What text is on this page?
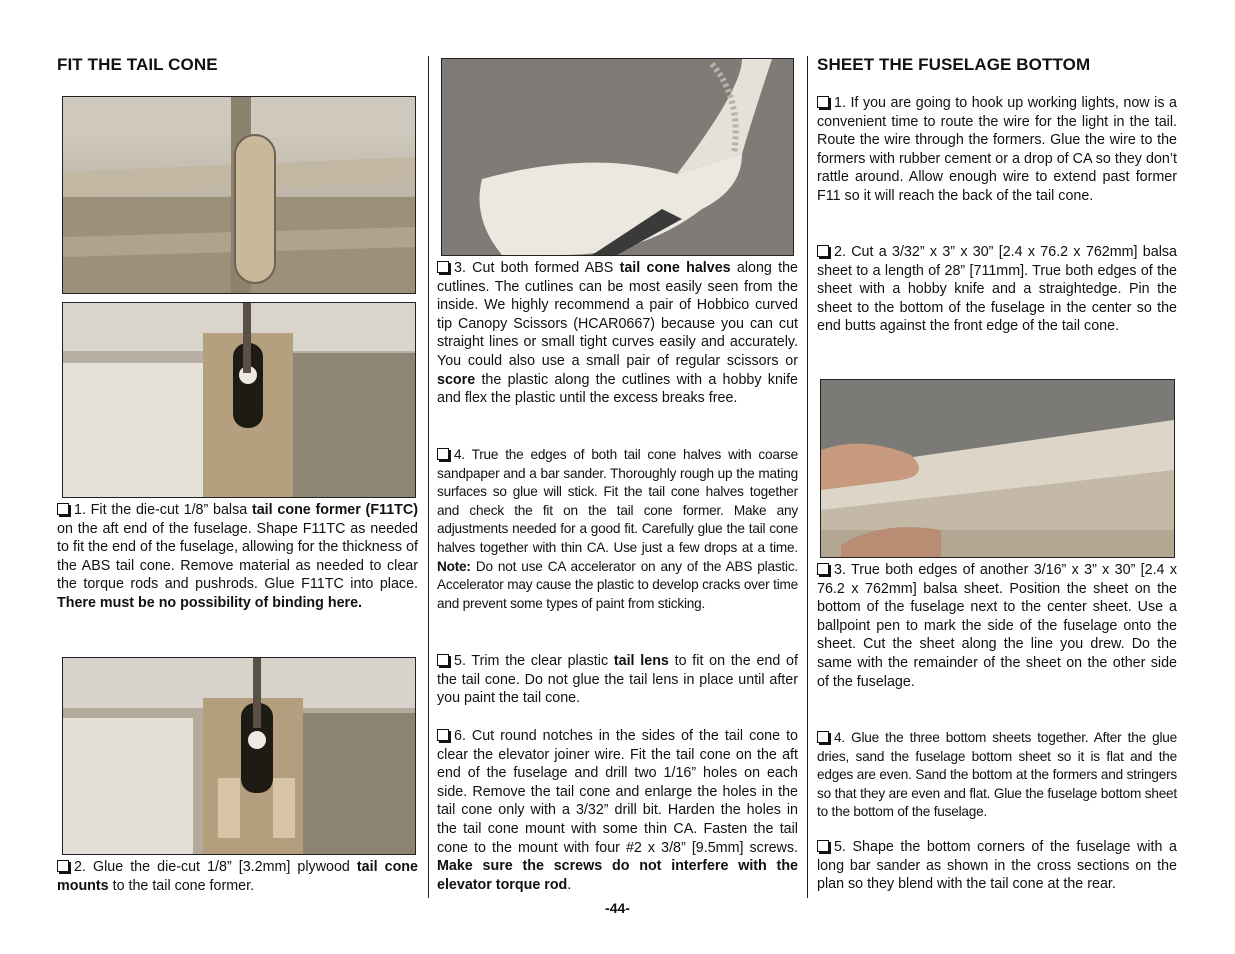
FIT THE TAIL CONE

1. Fit the die-cut 1/8” balsa tail cone former (F11TC) on the aft end of the fuselage. Shape F11TC as needed to fit the end of the fuselage, allowing for the thickness of the ABS tail cone. Remove material as needed to clear the torque rods and pushrods. Glue F11TC into place. There must be no possibility of binding here.

2. Glue the die-cut 1/8” [3.2mm] plywood tail cone mounts to the tail cone former.

3. Cut both formed ABS tail cone halves along the cutlines. The cutlines can be most easily seen from the inside. We highly recommend a pair of Hobbico curved tip Canopy Scissors (HCAR0667) because you can cut straight lines or small tight curves easily and accurately. You could also use a small pair of regular scissors or score the plastic along the cutlines with a hobby knife and flex the plastic until the excess breaks free.

4. True the edges of both tail cone halves with coarse sandpaper and a bar sander. Thoroughly rough up the mating surfaces so glue will stick. Fit the tail cone halves together and check the fit on the tail cone former. Make any adjustments needed for a good fit. Carefully glue the tail cone halves together with thin CA. Use just a few drops at a time. Note: Do not use CA accelerator on any of the ABS plastic. Accelerator may cause the plastic to develop cracks over time and prevent some types of paint from sticking.

5. Trim the clear plastic tail lens to fit on the end of the tail cone. Do not glue the tail lens in place until after you paint the tail cone.

6. Cut round notches in the sides of the tail cone to clear the elevator joiner wire. Fit the tail cone on the aft end of the fuselage and drill two 1/16” holes on each side. Remove the tail cone and enlarge the holes in the tail cone only with a 3/32” drill bit. Harden the holes in the tail cone mount with some thin CA. Fasten the tail cone to the mount with four #2 x 3/8” [9.5mm] screws. Make sure the screws do not interfere with the elevator torque rod.

SHEET THE FUSELAGE BOTTOM

1. If you are going to hook up working lights, now is a convenient time to route the wire for the light in the tail. Route the wire through the formers. Glue the wire to the formers with rubber cement or a drop of CA so they don’t rattle around. Allow enough wire to extend past former F11 so it will reach the back of the tail cone.

2. Cut a 3/32” x 3” x 30” [2.4 x 76.2 x 762mm] balsa sheet to a length of 28” [711mm]. True both edges of the sheet with a hobby knife and a straightedge. Pin the sheet to the bottom of the fuselage in the center so the end butts against the front edge of the tail cone.

3. True both edges of another 3/16” x 3” x 30” [2.4 x 76.2 x 762mm] balsa sheet. Position the sheet on the bottom of the fuselage next to the center sheet. Use a ballpoint pen to mark the side of the fuselage onto the sheet. Cut the sheet along the line you drew. Do the same with the remainder of the sheet on the other side of the fuselage.

4. Glue the three bottom sheets together. After the glue dries, sand the fuselage bottom sheet so it is flat and the edges are even. Sand the bottom at the formers and stringers so that they are even and flat. Glue the fuselage bottom sheet to the bottom of the fuselage.

5. Shape the bottom corners of the fuselage with a long bar sander as shown in the cross sections on the plan so they blend with the tail cone at the rear.

-44-
